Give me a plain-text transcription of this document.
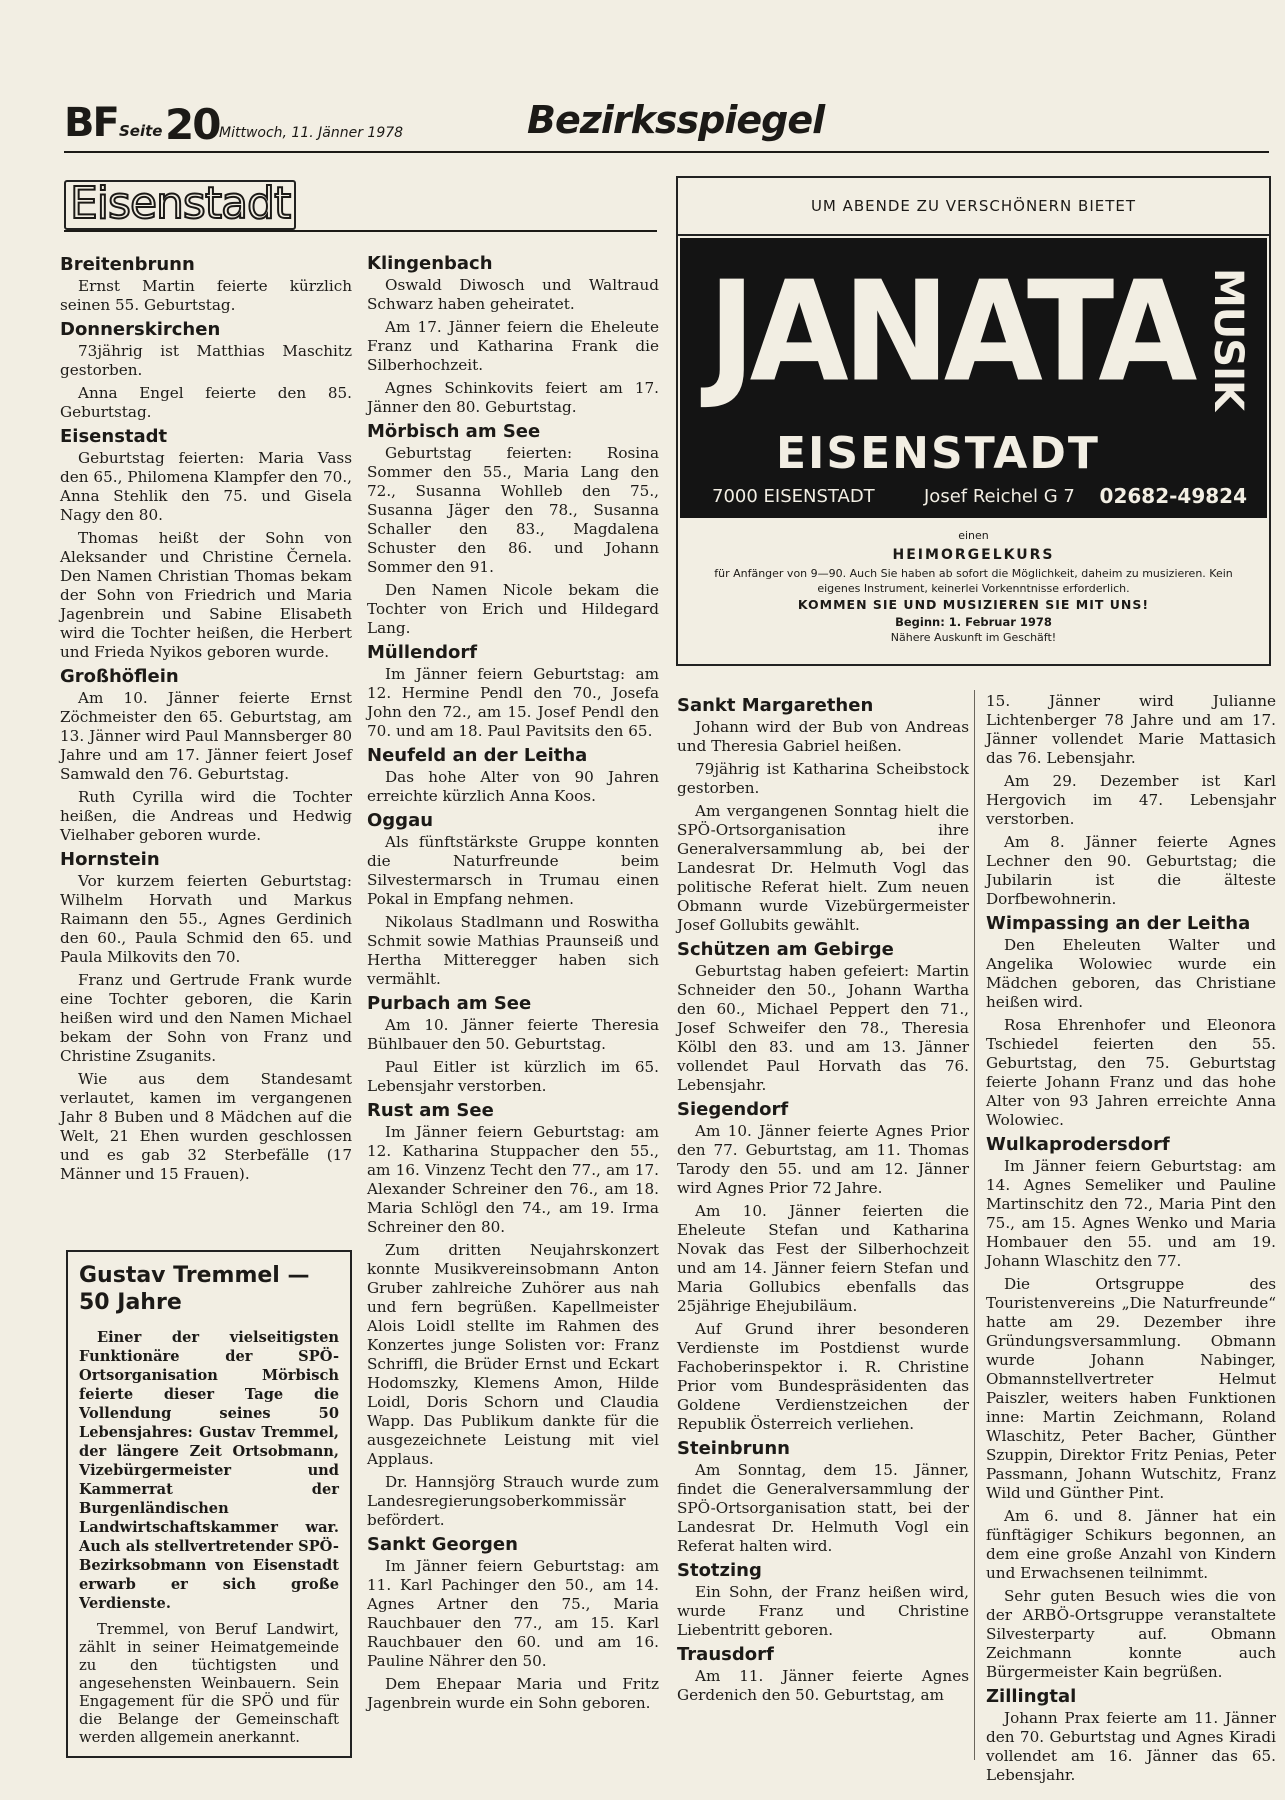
BF Seite 20 Mittwoch, 11. Jänner 1978	Bezirksspiegel
Eisenstadt
Breitenbrunn

Ernst Martin feierte kürzlich seinen 55. Geburtstag.

Donnerskirchen

73jährig ist Matthias Maschitz gestorben.

Anna Engel feierte den 85. Geburtstag.

Eisenstadt

Geburtstag feierten: Maria Vass den 65., Philomena Klampfer den 70., Anna Stehlik den 75. und Gisela Nagy den 80.

Thomas heißt der Sohn von Aleksander und Christine Černela. Den Namen Christian Thomas bekam der Sohn von Friedrich und Maria Jagenbrein und Sabine Elisabeth wird die Tochter heißen, die Herbert und Frieda Nyikos geboren wurde.

Großhöflein

Am 10. Jänner feierte Ernst Zöchmeister den 65. Geburtstag, am 13. Jänner wird Paul Mannsberger 80 Jahre und am 17. Jänner feiert Josef Samwald den 76. Geburtstag.

Ruth Cyrilla wird die Tochter heißen, die Andreas und Hedwig Vielhaber geboren wurde.

Hornstein

Vor kurzem feierten Geburtstag: Wilhelm Horvath und Markus Raimann den 55., Agnes Gerdinich den 60., Paula Schmid den 65. und Paula Milkovits den 70.

Franz und Gertrude Frank wurde eine Tochter geboren, die Karin heißen wird und den Namen Michael bekam der Sohn von Franz und Christine Zsuganits.

Wie aus dem Standesamt verlautet, kamen im vergangenen Jahr 8 Buben und 8 Mädchen auf die Welt, 21 Ehen wurden geschlossen und es gab 32 Sterbefälle (17 Männer und 15 Frauen).

Gustav Tremmel —
50 Jahre

Einer der vielseitigsten Funktionäre der SPÖ-Ortsorganisation Mörbisch feierte dieser Tage die Vollendung seines 50 Lebensjahres: Gustav Tremmel, der längere Zeit Ortsobmann, Vizebürgermeister und Kammerrat der Burgenländischen Landwirtschaftskammer war. Auch als stellvertretender SPÖ-Bezirksobmann von Eisenstadt erwarb er sich große Verdienste.

Tremmel, von Beruf Landwirt, zählt in seiner Heimatgemeinde zu den tüchtigsten und angesehensten Weinbauern. Sein Engagement für die SPÖ und für die Belange der Gemeinschaft werden allgemein anerkannt.

Klingenbach

Oswald Diwosch und Waltraud Schwarz haben geheiratet.

Am 17. Jänner feiern die Eheleute Franz und Katharina Frank die Silberhochzeit.

Agnes Schinkovits feiert am 17. Jänner den 80. Geburtstag.

Mörbisch am See

Geburtstag feierten: Rosina Sommer den 55., Maria Lang den 72., Susanna Wohlleb den 75., Susanna Jäger den 78., Susanna Schaller den 83., Magdalena Schuster den 86. und Johann Sommer den 91.

Den Namen Nicole bekam die Tochter von Erich und Hildegard Lang.

Müllendorf

Im Jänner feiern Geburtstag: am 12. Hermine Pendl den 70., Josefa John den 72., am 15. Josef Pendl den 70. und am 18. Paul Pavitsits den 65.

Neufeld an der Leitha

Das hohe Alter von 90 Jahren erreichte kürzlich Anna Koos.

Oggau

Als fünftstärkste Gruppe konnten die Naturfreunde beim Silvestermarsch in Trumau einen Pokal in Empfang nehmen.

Nikolaus Stadlmann und Roswitha Schmit sowie Mathias Praunseiß und Hertha Mitteregger haben sich vermählt.

Purbach am See

Am 10. Jänner feierte Theresia Bühlbauer den 50. Geburtstag.

Paul Eitler ist kürzlich im 65. Lebensjahr verstorben.

Rust am See

Im Jänner feiern Geburtstag: am 12. Katharina Stuppacher den 55., am 16. Vinzenz Techt den 77., am 17. Alexander Schreiner den 76., am 18. Maria Schlögl den 74., am 19. Irma Schreiner den 80.

Zum dritten Neujahrskonzert konnte Musikvereinsobmann Anton Gruber zahlreiche Zuhörer aus nah und fern begrüßen. Kapellmeister Alois Loidl stellte im Rahmen des Konzertes junge Solisten vor: Franz Schriffl, die Brüder Ernst und Eckart Hodomszky, Klemens Amon, Hilde Loidl, Doris Schorn und Claudia Wapp. Das Publikum dankte für die ausgezeichnete Leistung mit viel Applaus.

Dr. Hannsjörg Strauch wurde zum Landesregierungsoberkommissär befördert.

Sankt Georgen

Im Jänner feiern Geburtstag: am 11. Karl Pachinger den 50., am 14. Agnes Artner den 75., Maria Rauchbauer den 77., am 15. Karl Rauchbauer den 60. und am 16. Pauline Nährer den 50.

Dem Ehepaar Maria und Fritz Jagenbrein wurde ein Sohn geboren.

UM ABENDE ZU VERSCHÖNERN BIETET
JANATA MUSIK
EISENSTADT
7000 EISENSTADT	Josef Reichel G 7 02682-49824
einen
HEIMORGELKURS
für Anfänger von 9—90. Auch Sie haben ab sofort die Möglichkeit, daheim zu musizieren. Kein eigenes Instrument, keinerlei Vorkenntnisse erforderlich.
KOMMEN SIE UND MUSIZIEREN SIE MIT UNS!
Beginn: 1. Februar 1978
Nähere Auskunft im Geschäft!
Sankt Margarethen

Johann wird der Bub von Andreas und Theresia Gabriel heißen.

79jährig ist Katharina Scheibstock gestorben.

Am vergangenen Sonntag hielt die SPÖ-Ortsorganisation ihre Generalversammlung ab, bei der Landesrat Dr. Helmuth Vogl das politische Referat hielt. Zum neuen Obmann wurde Vizebürgermeister Josef Gollubits gewählt.

Schützen am Gebirge

Geburtstag haben gefeiert: Martin Schneider den 50., Johann Wartha den 60., Michael Peppert den 71., Josef Schweifer den 78., Theresia Kölbl den 83. und am 13. Jänner vollendet Paul Horvath das 76. Lebensjahr.

Siegendorf

Am 10. Jänner feierte Agnes Prior den 77. Geburtstag, am 11. Thomas Tarody den 55. und am 12. Jänner wird Agnes Prior 72 Jahre.

Am 10. Jänner feierten die Eheleute Stefan und Katharina Novak das Fest der Silberhochzeit und am 14. Jänner feiern Stefan und Maria Gollubics ebenfalls das 25jährige Ehejubiläum.

Auf Grund ihrer besonderen Verdienste im Postdienst wurde Fachoberinspektor i. R. Christine Prior vom Bundespräsidenten das Goldene Verdienstzeichen der Republik Österreich verliehen.

Steinbrunn

Am Sonntag, dem 15. Jänner, findet die Generalversammlung der SPÖ-Ortsorganisation statt, bei der Landesrat Dr. Helmuth Vogl ein Referat halten wird.

Stotzing

Ein Sohn, der Franz heißen wird, wurde Franz und Christine Liebentritt geboren.

Trausdorf

Am 11. Jänner feierte Agnes Gerdenich den 50. Geburtstag, am

15. Jänner wird Julianne Lichtenberger 78 Jahre und am 17. Jänner vollendet Marie Mattasich das 76. Lebensjahr.

Am 29. Dezember ist Karl Hergovich im 47. Lebensjahr verstorben.

Am 8. Jänner feierte Agnes Lechner den 90. Geburtstag; die Jubilarin ist die älteste Dorfbewohnerin.

Wimpassing an der Leitha

Den Eheleuten Walter und Angelika Wolowiec wurde ein Mädchen geboren, das Christiane heißen wird.

Rosa Ehrenhofer und Eleonora Tschiedel feierten den 55. Geburtstag, den 75. Geburtstag feierte Johann Franz und das hohe Alter von 93 Jahren erreichte Anna Wolowiec.

Wulkaprodersdorf

Im Jänner feiern Geburtstag: am 14. Agnes Semeliker und Pauline Martinschitz den 72., Maria Pint den 75., am 15. Agnes Wenko und Maria Hombauer den 55. und am 19. Johann Wlaschitz den 77.

Die Ortsgruppe des Touristenvereins „Die Naturfreunde“ hatte am 29. Dezember ihre Gründungsversammlung. Obmann wurde Johann Nabinger, Obmannstellvertreter Helmut Paiszler, weiters haben Funktionen inne: Martin Zeichmann, Roland Wlaschitz, Peter Bacher, Günther Szuppin, Direktor Fritz Penias, Peter Passmann, Johann Wutschitz, Franz Wild und Günther Pint.

Am 6. und 8. Jänner hat ein fünftägiger Schikurs begonnen, an dem eine große Anzahl von Kindern und Erwachsenen teilnimmt.

Sehr guten Besuch wies die von der ARBÖ-Ortsgruppe veranstaltete Silvesterparty auf. Obmann Zeichmann konnte auch Bürgermeister Kain begrüßen.

Zillingtal

Johann Prax feierte am 11. Jänner den 70. Geburtstag und Agnes Kiradi vollendet am 16. Jänner das 65. Lebensjahr.
